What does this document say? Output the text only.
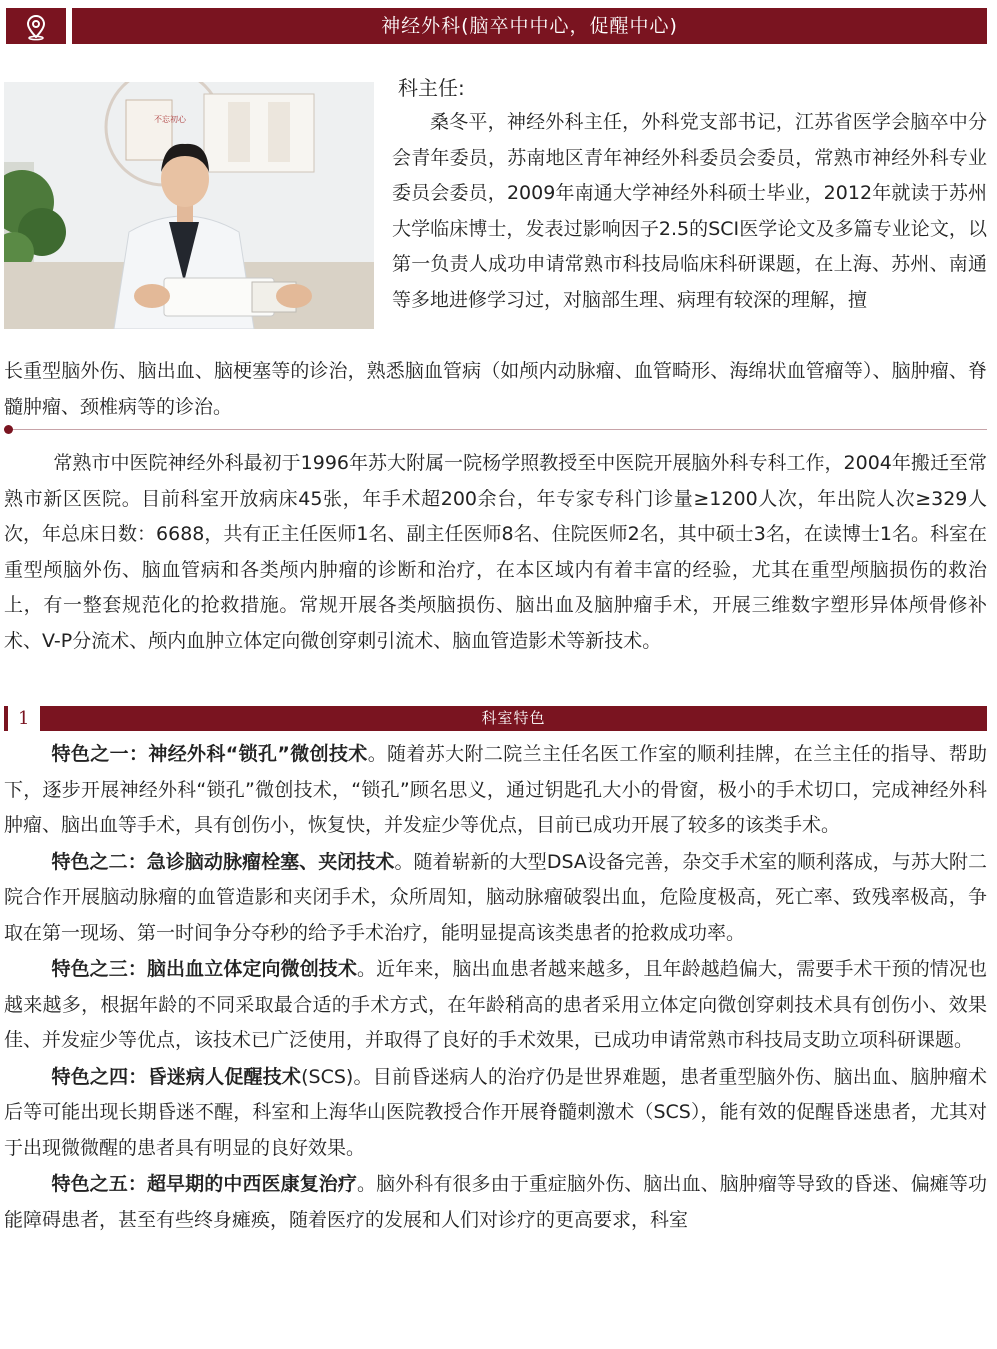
神经外科(脑卒中中心，促醒中心)
不忘初心
科主任:
桑冬平，神经外科主任，外科党支部书记，江苏省医学会脑卒中分会青年委员，苏南地区青年神经外科委员会委员，常熟市神经外科专业委员会委员，2009年南通大学神经外科硕士毕业，2012年就读于苏州大学临床博士，发表过影响因子2.5的SCI医学论文及多篇专业论文，以第一负责人成功申请常熟市科技局临床科研课题，在上海、苏州、南通等多地进修学习过，对脑部生理、病理有较深的理解，擅
长重型脑外伤、脑出血、脑梗塞等的诊治，熟悉脑血管病（如颅内动脉瘤、血管畸形、海绵状血管瘤等）、脑肿瘤、脊髓肿瘤、颈椎病等的诊治。
常熟市中医院神经外科最初于1996年苏大附属一院杨学照教授至中医院开展脑外科专科工作，2004年搬迁至常熟市新区医院。目前科室开放病床45张，年手术超200余台，年专家专科门诊量≥1200人次，年出院人次≥329人次，年总床日数：6688，共有正主任医师1名、副主任医师8名、住院医师2名，其中硕士3名，在读博士1名。科室在重型颅脑外伤、脑血管病和各类颅内肿瘤的诊断和治疗，在本区域内有着丰富的经验，尤其在重型颅脑损伤的救治上，有一整套规范化的抢救措施。常规开展各类颅脑损伤、脑出血及脑肿瘤手术，开展三维数字塑形异体颅骨修补术、V-P分流术、颅内血肿立体定向微创穿刺引流术、脑血管造影术等新技术。
1	科室特色

特色之一：神经外科“锁孔”微创技术。随着苏大附二院兰主任名医工作室的顺利挂牌，在兰主任的指导、帮助下，逐步开展神经外科“锁孔”微创技术，“锁孔”顾名思义，通过钥匙孔大小的骨窗，极小的手术切口，完成神经外科肿瘤、脑出血等手术，具有创伤小，恢复快，并发症少等优点，目前已成功开展了较多的该类手术。

特色之二：急诊脑动脉瘤栓塞、夹闭技术。随着崭新的大型DSA设备完善，杂交手术室的顺利落成，与苏大附二院合作开展脑动脉瘤的血管造影和夹闭手术，众所周知，脑动脉瘤破裂出血，危险度极高，死亡率、致残率极高，争取在第一现场、第一时间争分夺秒的给予手术治疗，能明显提高该类患者的抢救成功率。

特色之三：脑出血立体定向微创技术。近年来，脑出血患者越来越多，且年龄越趋偏大，需要手术干预的情况也越来越多，根据年龄的不同采取最合适的手术方式，在年龄稍高的患者采用立体定向微创穿刺技术具有创伤小、效果佳、并发症少等优点，该技术已广泛使用，并取得了良好的手术效果，已成功申请常熟市科技局支助立项科研课题。

特色之四：昏迷病人促醒技术(SCS)。目前昏迷病人的治疗仍是世界难题，患者重型脑外伤、脑出血、脑肿瘤术后等可能出现长期昏迷不醒，科室和上海华山医院教授合作开展脊髓刺激术（SCS），能有效的促醒昏迷患者，尤其对于出现微微醒的患者具有明显的良好效果。

特色之五：超早期的中西医康复治疗。脑外科有很多由于重症脑外伤、脑出血、脑肿瘤等导致的昏迷、偏瘫等功能障碍患者，甚至有些终身瘫痪，随着医疗的发展和人们对诊疗的更高要求，科室
